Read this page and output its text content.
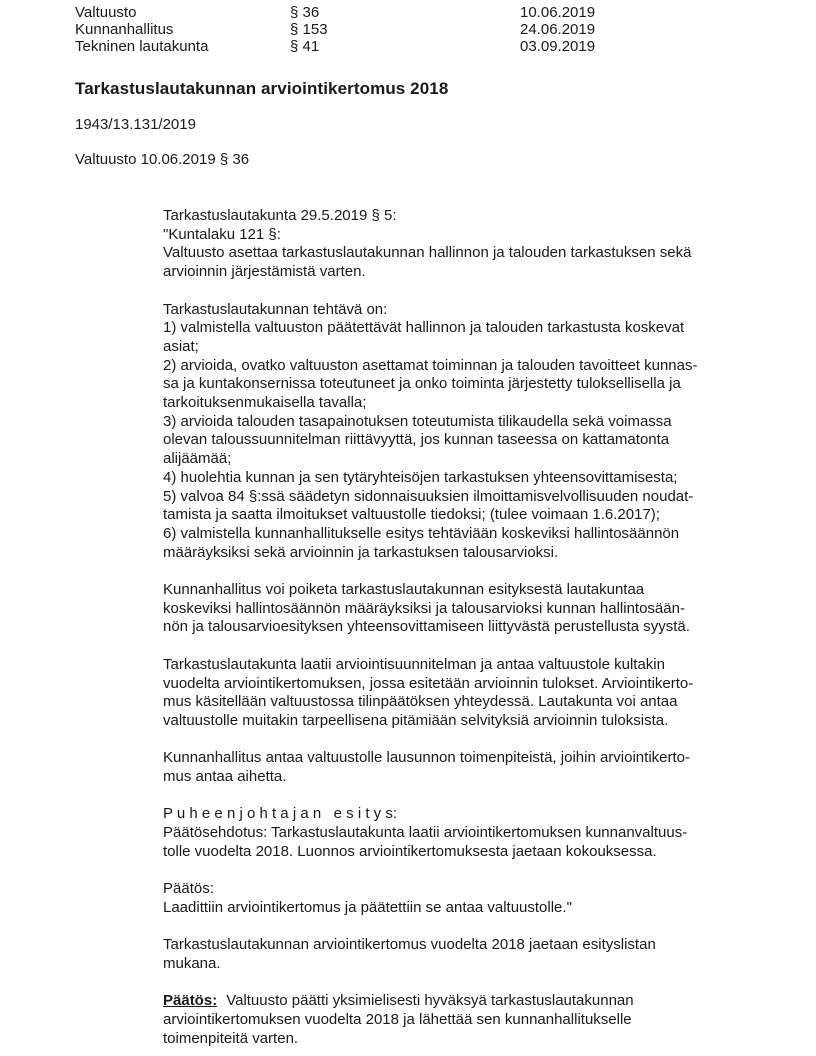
Valtuusto	§ 36	10.06.2019
Kunnanhallitus	§ 153	24.06.2019
Tekninen lautakunta	§ 41	03.09.2019
Tarkastuslautakunnan arviointikertomus 2018
1943/13.131/2019
Valtuusto 10.06.2019 § 36
Tarkastuslautakunta 29.5.2019 § 5:
"Kuntalaku 121 §:
Valtuusto asettaa tarkastuslautakunnan hallinnon ja talouden tarkastuksen sekä
arvioinnin järjestämistä varten.
Tarkastuslautakunnan tehtävä on:
1) valmistella valtuuston päätettävät hallinnon ja talouden tarkastusta koskevat
asiat;
2) arvioida, ovatko valtuuston asettamat toiminnan ja talouden tavoitteet kunnas-
sa ja kuntakonsernissa toteutuneet ja onko toiminta järjestetty tuloksellisella ja
tarkoituksenmukaisella tavalla;
3) arvioida talouden tasapainotuksen toteutumista tilikaudella sekä voimassa
olevan taloussuunnitelman riittävyyttä, jos kunnan taseessa on kattamatonta
alijäämää;
4) huolehtia kunnan ja sen tytäryhteisöjen tarkastuksen yhteensovittamisesta;
5) valvoa 84 §:ssä säädetyn sidonnaisuuksien ilmoittamisvelvollisuuden noudat-
tamista ja saatta ilmoitukset valtuustolle tiedoksi; (tulee voimaan 1.6.2017);
6) valmistella kunnanhallitukselle esitys tehtäviään koskeviksi hallintosäännön
määräyksiksi sekä arvioinnin ja tarkastuksen talousarvioksi.
Kunnanhallitus voi poiketa tarkastuslautakunnan esityksestä lautakuntaa
koskeviksi hallintosäännön määräyksiksi ja talousarvioksi kunnan hallintosään-
nön ja talousarvioesityksen yhteensovittamiseen liittyvästä perustellusta syystä.
Tarkastuslautakunta laatii arviointisuunnitelman ja antaa valtuustole kultakin
vuodelta arviointikertomuksen, jossa esitetään arvioinnin tulokset. Arviointikerto-
mus käsitellään valtuustossa tilinpäätöksen yhteydessä. Lautakunta voi antaa
valtuustolle muitakin tarpeellisena pitämiään selvityksiä arvioinnin tuloksista.
Kunnanhallitus antaa valtuustolle lausunnon toimenpiteistä, joihin arviointikerto-
mus antaa aihetta.
P u h e e n j o h t a j a n   e s i t y s:
Päätösehdotus: Tarkastuslautakunta laatii arviointikertomuksen kunnanvaltuus-
tolle vuodelta 2018. Luonnos arviointikertomuksesta jaetaan kokouksessa.
Päätös:
Laadittiin arviointikertomus ja päätettiin se antaa valtuustolle."
Tarkastuslautakunnan arviointikertomus vuodelta 2018 jaetaan esityslistan
mukana.
Päätös: Valtuusto päätti yksimielisesti hyväksyä tarkastuslautakunnan
arviointikertomuksen vuodelta 2018 ja lähettää sen kunnanhallitukselle
toimenpiteitä varten.
